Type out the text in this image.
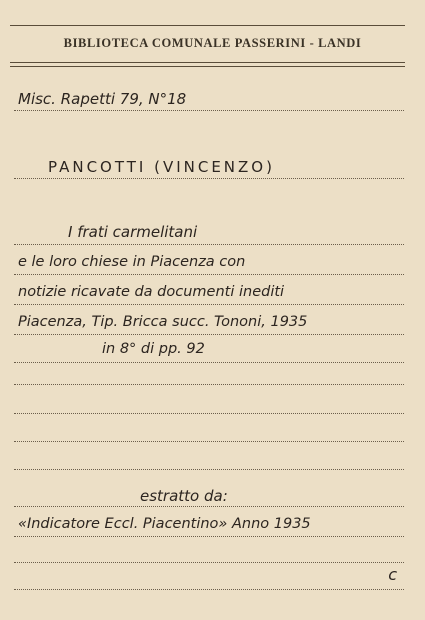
BIBLIOTECA COMUNALE PASSERINI - LANDI
Misc. Rapetti 79, N°18
PANCOTTI (VINCENZO)
I frati carmelitani
e le loro chiese in Piacenza con
notizie ricavate da documenti inediti
Piacenza, Tip. Bricca succ. Tononi, 1935
in 8° di pp. 92
estratto da:
«Indicatore Eccl. Piacentino» Anno 1935
c
